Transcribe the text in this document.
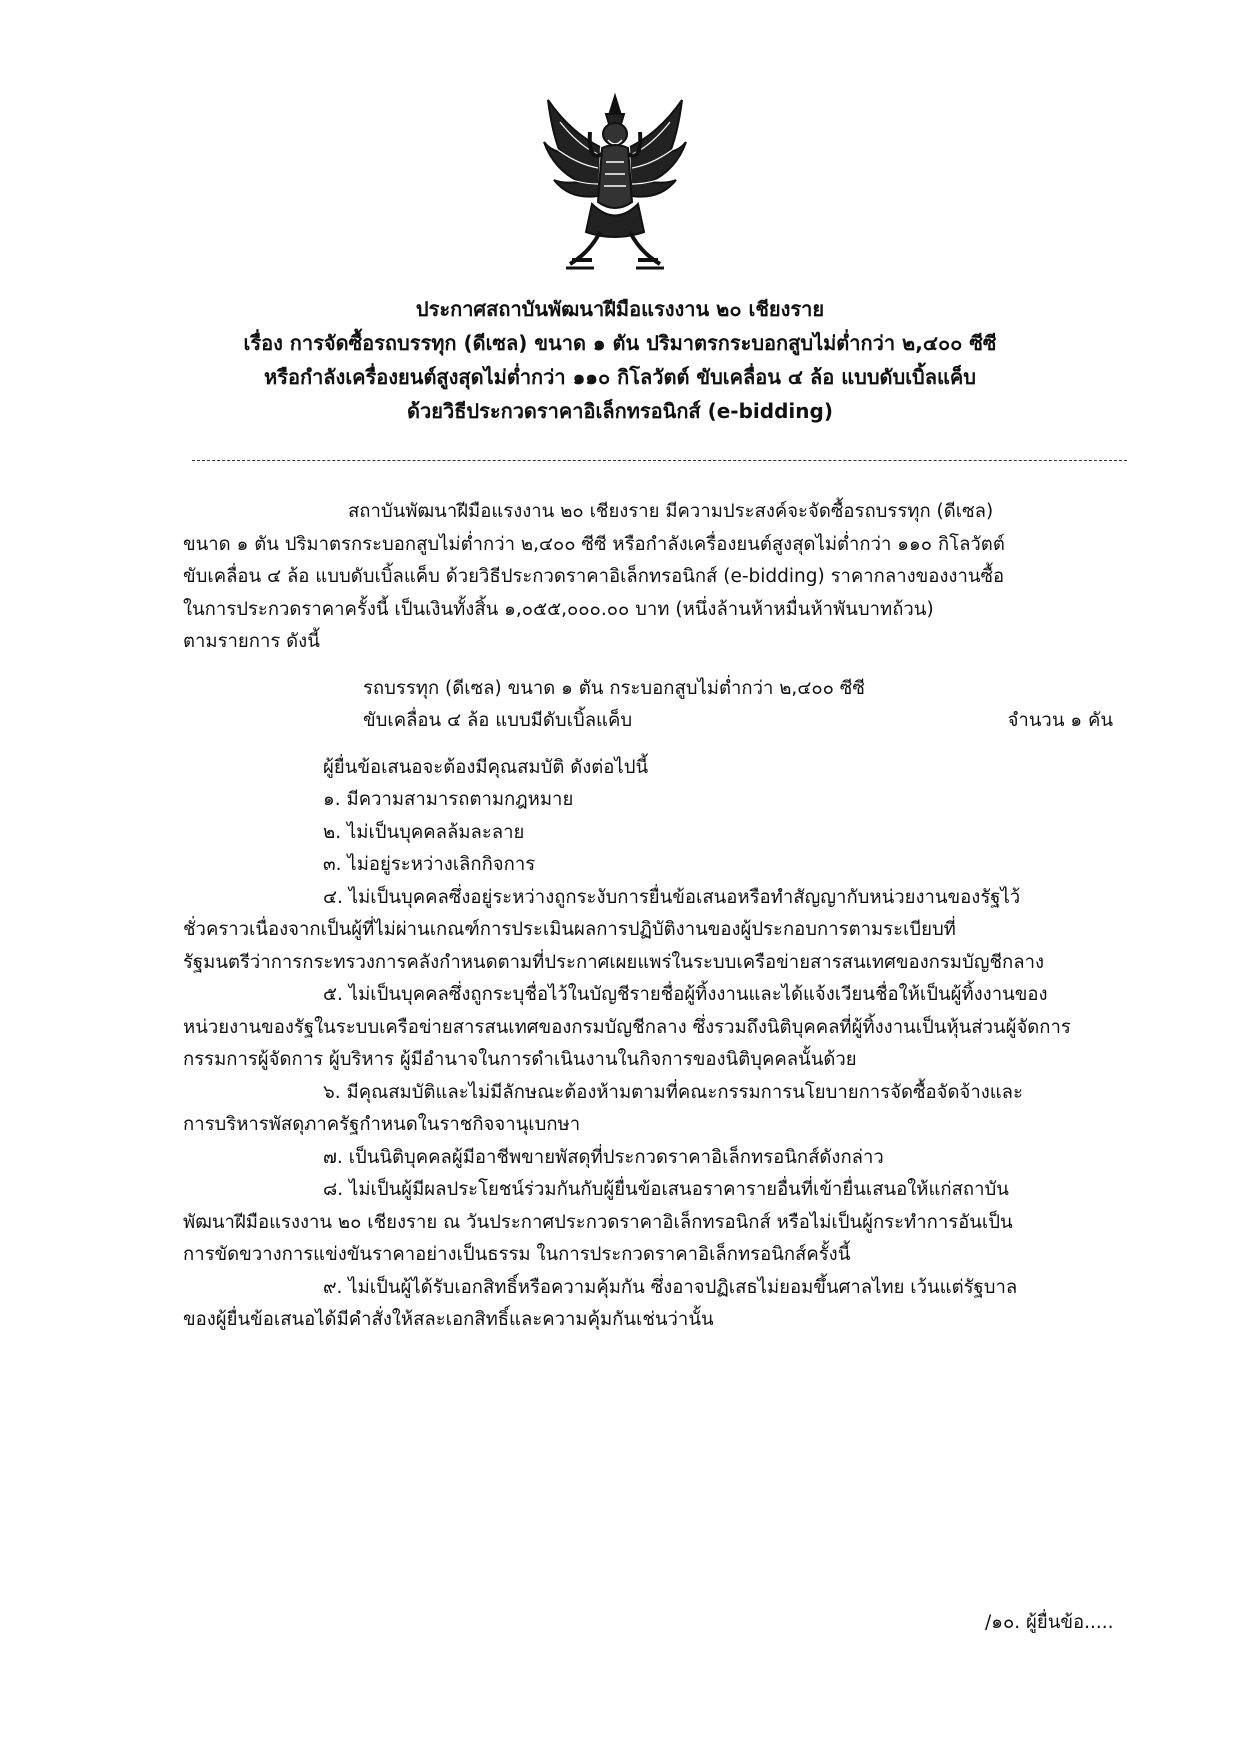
ประกาศสถาบันพัฒนาฝีมือแรงงาน ๒๐ เชียงราย
เรื่อง การจัดซื้อรถบรรทุก (ดีเซล) ขนาด ๑ ตัน ปริมาตรกระบอกสูบไม่ต่ำกว่า ๒,๔๐๐ ซีซี
หรือกำลังเครื่องยนต์สูงสุดไม่ต่ำกว่า ๑๑๐ กิโลวัตต์ ขับเคลื่อน ๔ ล้อ แบบดับเบิ้ลแค็บ
ด้วยวิธีประกวดราคาอิเล็กทรอนิกส์ (e-bidding)
สถาบันพัฒนาฝีมือแรงงาน ๒๐ เชียงราย มีความประสงค์จะจัดซื้อรถบรรทุก (ดีเซล)
ขนาด ๑ ตัน ปริมาตรกระบอกสูบไม่ต่ำกว่า ๒,๔๐๐ ซีซี หรือกำลังเครื่องยนต์สูงสุดไม่ต่ำกว่า ๑๑๐ กิโลวัตต์
ขับเคลื่อน ๔ ล้อ แบบดับเบิ้ลแค็บ ด้วยวิธีประกวดราคาอิเล็กทรอนิกส์ (e-bidding) ราคากลางของงานซื้อ
ในการประกวดราคาครั้งนี้ เป็นเงินทั้งสิ้น ๑,๐๕๕,๐๐๐.๐๐ บาท (หนึ่งล้านห้าหมื่นห้าพันบาทถ้วน)
ตามรายการ ดังนี้
รถบรรทุก (ดีเซล) ขนาด ๑ ตัน กระบอกสูบไม่ต่ำกว่า ๒,๔๐๐ ซีซี
ขับเคลื่อน ๔ ล้อ แบบมีดับเบิ้ลแค็บ	จำนวน ๑ คัน
ผู้ยื่นข้อเสนอจะต้องมีคุณสมบัติ ดังต่อไปนี้
๑. มีความสามารถตามกฎหมาย
๒. ไม่เป็นบุคคลล้มละลาย
๓. ไม่อยู่ระหว่างเลิกกิจการ
๔. ไม่เป็นบุคคลซึ่งอยู่ระหว่างถูกระงับการยื่นข้อเสนอหรือทำสัญญากับหน่วยงานของรัฐไว้
ชั่วคราวเนื่องจากเป็นผู้ที่ไม่ผ่านเกณฑ์การประเมินผลการปฏิบัติงานของผู้ประกอบการตามระเบียบที่
รัฐมนตรีว่าการกระทรวงการคลังกำหนดตามที่ประกาศเผยแพร่ในระบบเครือข่ายสารสนเทศของกรมบัญชีกลาง
๕. ไม่เป็นบุคคลซึ่งถูกระบุชื่อไว้ในบัญชีรายชื่อผู้ทิ้งงานและได้แจ้งเวียนชื่อให้เป็นผู้ทิ้งงานของ
หน่วยงานของรัฐในระบบเครือข่ายสารสนเทศของกรมบัญชีกลาง ซึ่งรวมถึงนิติบุคคลที่ผู้ทิ้งงานเป็นหุ้นส่วนผู้จัดการ
กรรมการผู้จัดการ ผู้บริหาร ผู้มีอำนาจในการดำเนินงานในกิจการของนิติบุคคลนั้นด้วย
๖. มีคุณสมบัติและไม่มีลักษณะต้องห้ามตามที่คณะกรรมการนโยบายการจัดซื้อจัดจ้างและ
การบริหารพัสดุภาครัฐกำหนดในราชกิจจานุเบกษา
๗. เป็นนิติบุคคลผู้มีอาชีพขายพัสดุที่ประกวดราคาอิเล็กทรอนิกส์ดังกล่าว
๘. ไม่เป็นผู้มีผลประโยชน์ร่วมกันกับผู้ยื่นข้อเสนอราคารายอื่นที่เข้ายื่นเสนอให้แก่สถาบัน
พัฒนาฝีมือแรงงาน ๒๐ เชียงราย ณ วันประกาศประกวดราคาอิเล็กทรอนิกส์ หรือไม่เป็นผู้กระทำการอันเป็น
การขัดขวางการแข่งขันราคาอย่างเป็นธรรม ในการประกวดราคาอิเล็กทรอนิกส์ครั้งนี้
๙. ไม่เป็นผู้ได้รับเอกสิทธิ์หรือความคุ้มกัน ซึ่งอาจปฏิเสธไม่ยอมขึ้นศาลไทย เว้นแต่รัฐบาล
ของผู้ยื่นข้อเสนอได้มีคำสั่งให้สละเอกสิทธิ์และความคุ้มกันเช่นว่านั้น
/๑๐. ผู้ยื่นข้อ.....
